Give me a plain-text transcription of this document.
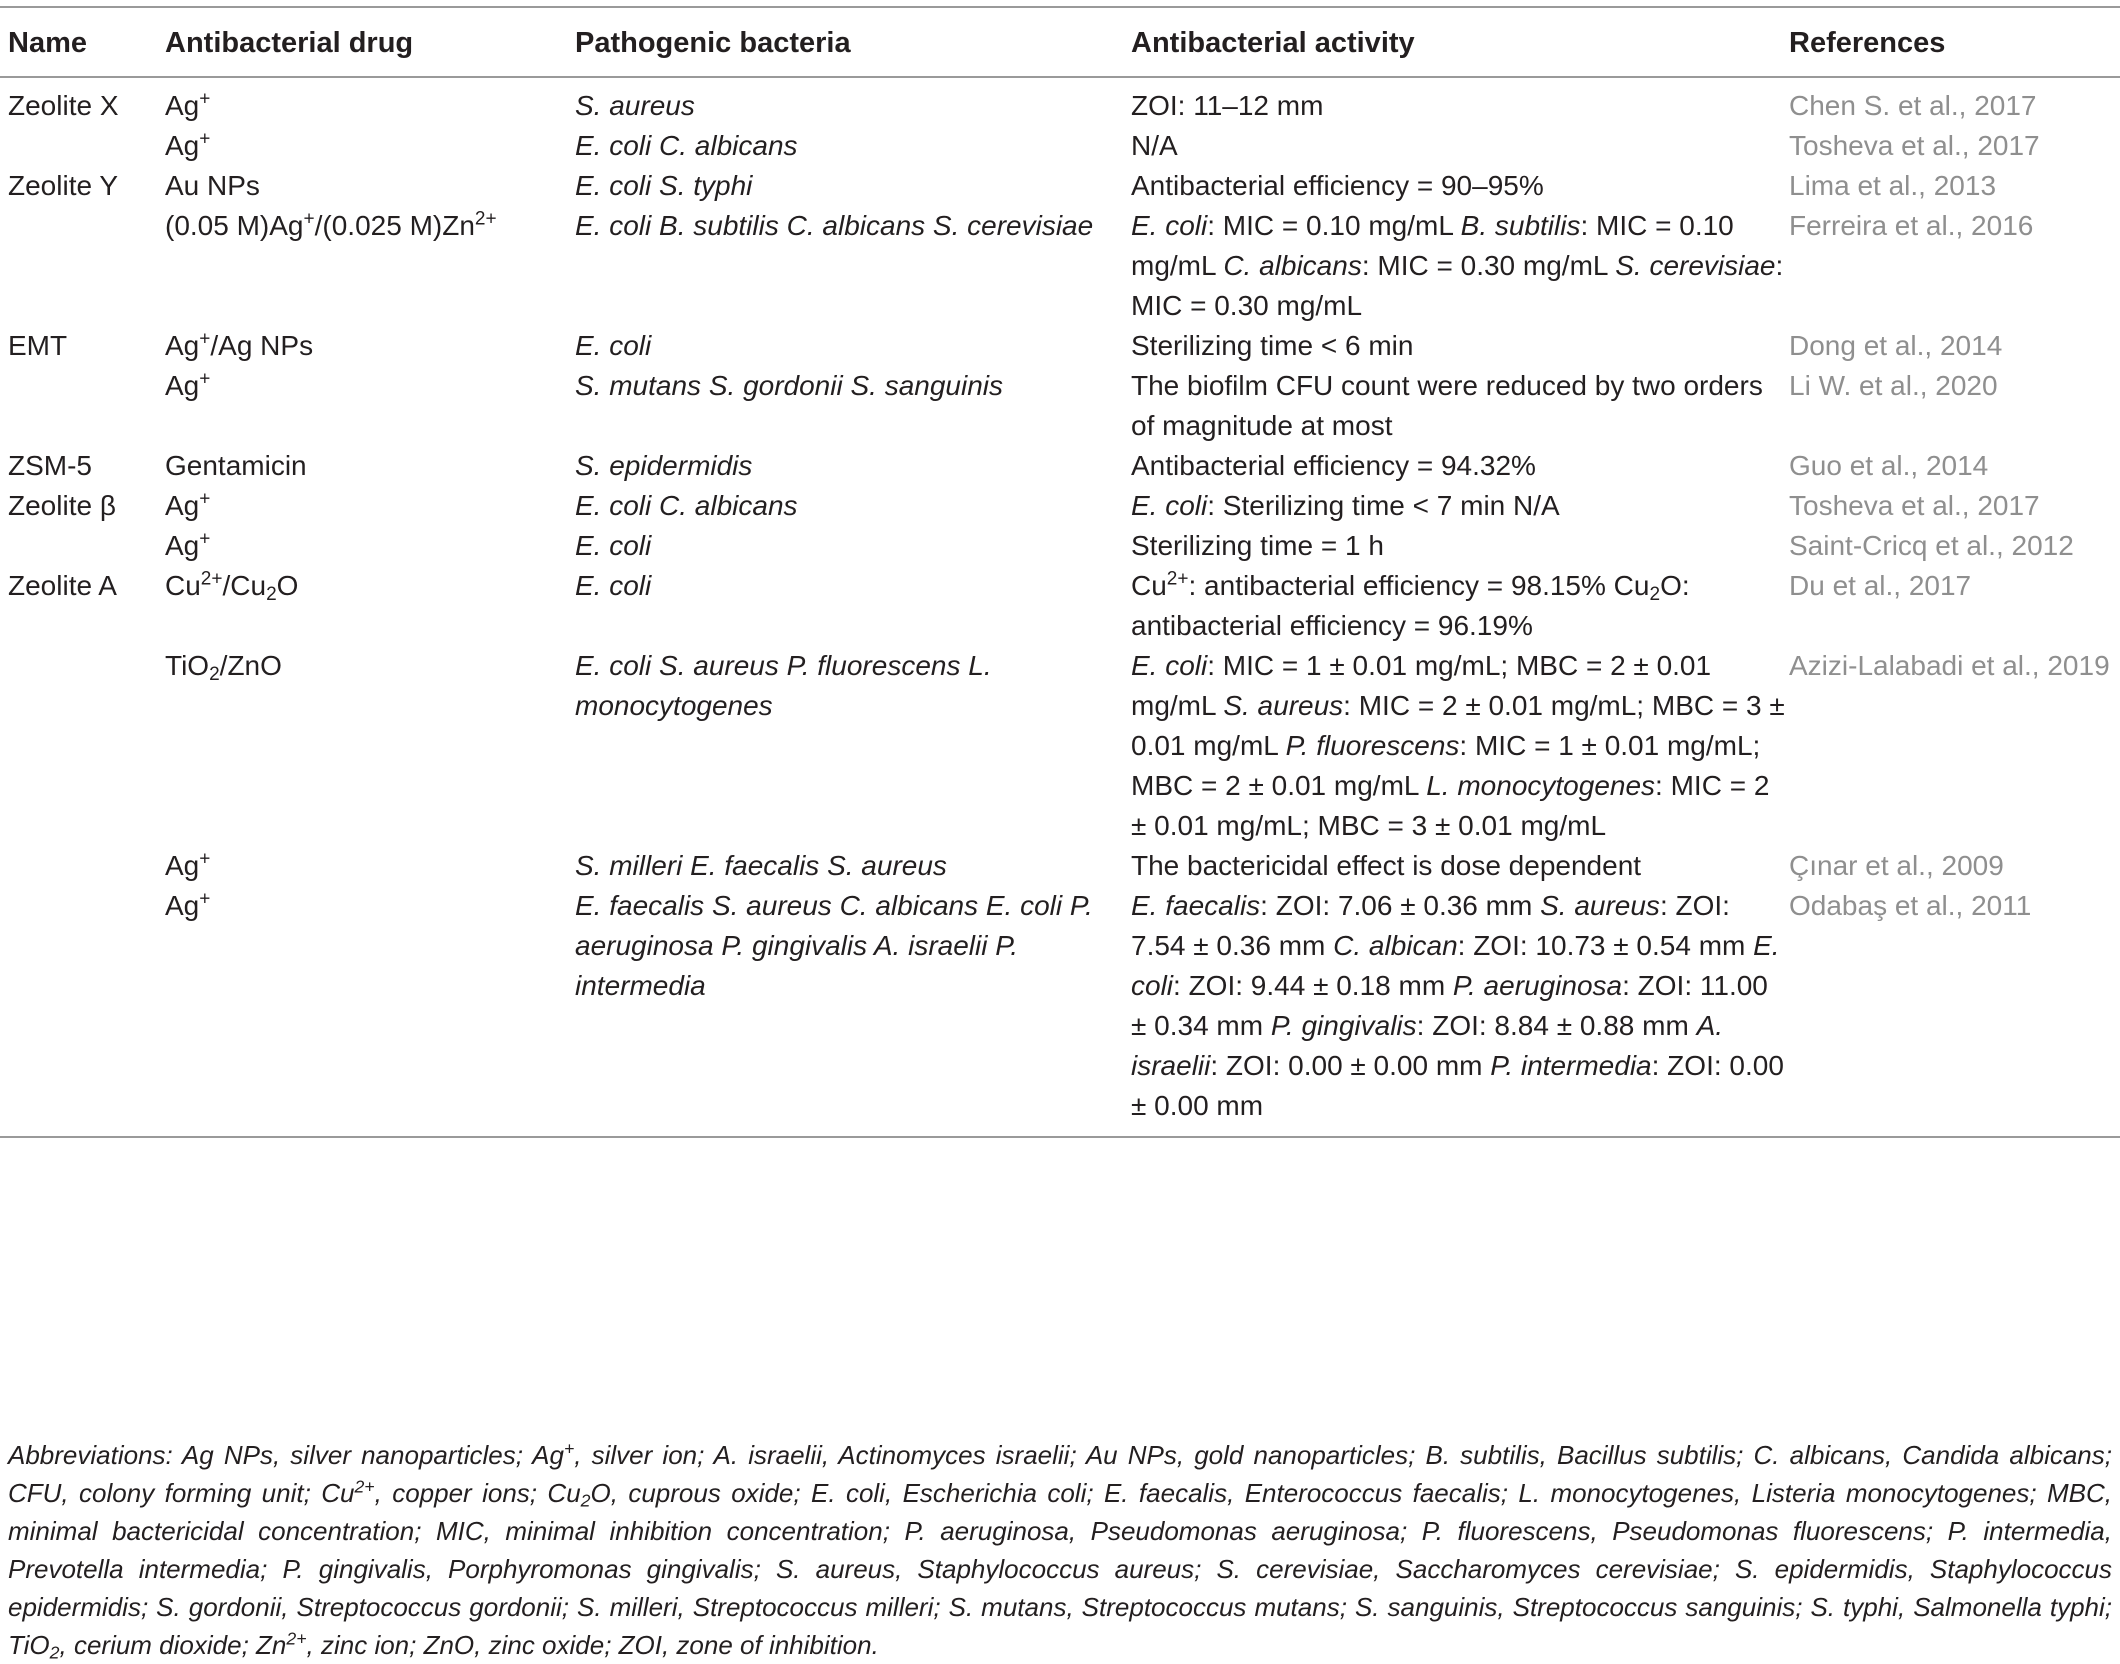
Name	Antibacterial drug	Pathogenic bacteria	Antibacterial activity	References
Zeolite X	Ag+	S. aureus	ZOI: 11–12 mm	Chen S. et al., 2017
	Ag+	E. coli C. albicans	N/A	Tosheva et al., 2017
Zeolite Y	Au NPs	E. coli S. typhi	Antibacterial efficiency = 90–95%	Lima et al., 2013
	(0.05 M)Ag+/(0.025 $M)Zn^{2+}$	E. coli B. subtilis C. albicans S. cerevisiae	E. coli: MIC = 0.10 mg/mL B. subtilis: MIC = 0.10 mg/mL C. albicans: MIC = 0.30 mg/mL S. cerevisiae: MIC = 0.30 mg/mL	Ferreira et al., 2016
EMT	Ag+/Ag NPs	E. coli	Sterilizing time < 6 min	Dong et al., 2014
	Ag+	S. mutans S. gordonii S. sanguinis	The biofilm CFU count were reduced by two orders of magnitude at most	Li W. et al., 2020
ZSM-5	Gentamicin	S. epidermidis	Antibacterial efficiency = 94.32%	Guo et al., 2014
Zeolite β	Ag+	E. coli C. albicans	E. coli: Sterilizing time < 7 min N/A	Tosheva et al., 2017
	Ag+	E. coli	Sterilizing time = 1 h	Saint-Cricq et al., 2012
Zeolite A	$Cu^{2+}/Cu_2O$	E. coli	$Cu^{2+}$: antibacterial efficiency = 98.15% $Cu_2O$: antibacterial efficiency = 96.19%	Du et al., 2017
	TiO$_2$/ZnO	E. coli S. aureus P. fluorescens L. monocytogenes	E. coli: MIC = 1 ± 0.01 mg/mL; MBC = 2 ± 0.01 mg/mL S. aureus: MIC = 2 ± 0.01 mg/mL; MBC = 3 ± 0.01 mg/mL P. fluorescens: MIC = 1 ± 0.01 mg/mL; MBC = 2 ± 0.01 mg/mL L. monocytogenes: MIC = 2 ± 0.01 mg/mL; MBC = 3 ± 0.01 mg/mL	Azizi-Lalabadi et al., 2019
	Ag+	S. milleri E. faecalis S. aureus	The bactericidal effect is dose dependent	Çınar et al., 2009
	Ag+	E. faecalis S. aureus C. albicans E. coli P. aeruginosa P. gingivalis A. israelii P. intermedia	E. faecalis: ZOI: 7.06 ± 0.36 mm S. aureus: ZOI: 7.54 ± 0.36 mm C. albican: ZOI: 10.73 ± 0.54 mm E. coli: ZOI: 9.44 ± 0.18 mm P. aeruginosa: ZOI: 11.00 ± 0.34 mm P. gingivalis: ZOI: 8.84 ± 0.88 mm A. israelii: ZOI: 0.00 ± 0.00 mm P. intermedia: ZOI: 0.00 ± 0.00 mm	Odabaş et al., 2011
Abbreviations: Ag NPs, silver nanoparticles; Ag+, silver ion; A. israelii, Actinomyces israelii; Au NPs, gold nanoparticles; B. subtilis, Bacillus subtilis; C. albicans, Candida albicans; CFU, colony forming unit; $Cu^{2+}$, copper ions; $Cu_2O$, cuprous oxide; E. coli, Escherichia coli; E. faecalis, Enterococcus faecalis; L. monocytogenes, Listeria monocytogenes; MBC, minimal bactericidal concentration; MIC, minimal inhibition concentration; P. aeruginosa, Pseudomonas aeruginosa; P. fluorescens, Pseudomonas fluorescens; P. intermedia, Prevotella intermedia; P. gingivalis, Porphyromonas gingivalis; S. aureus, Staphylococcus aureus; S. cerevisiae, Saccharomyces cerevisiae; S. epidermidis, Staphylococcus epidermidis; S. gordonii, Streptococcus gordonii; S. milleri, Streptococcus milleri; S. mutans, Streptococcus mutans; S. sanguinis, Streptococcus sanguinis; S. typhi, Salmonella typhi; TiO$_2$, cerium dioxide; $Zn^{2+}$, zinc ion; ZnO, zinc oxide; ZOI, zone of inhibition.
